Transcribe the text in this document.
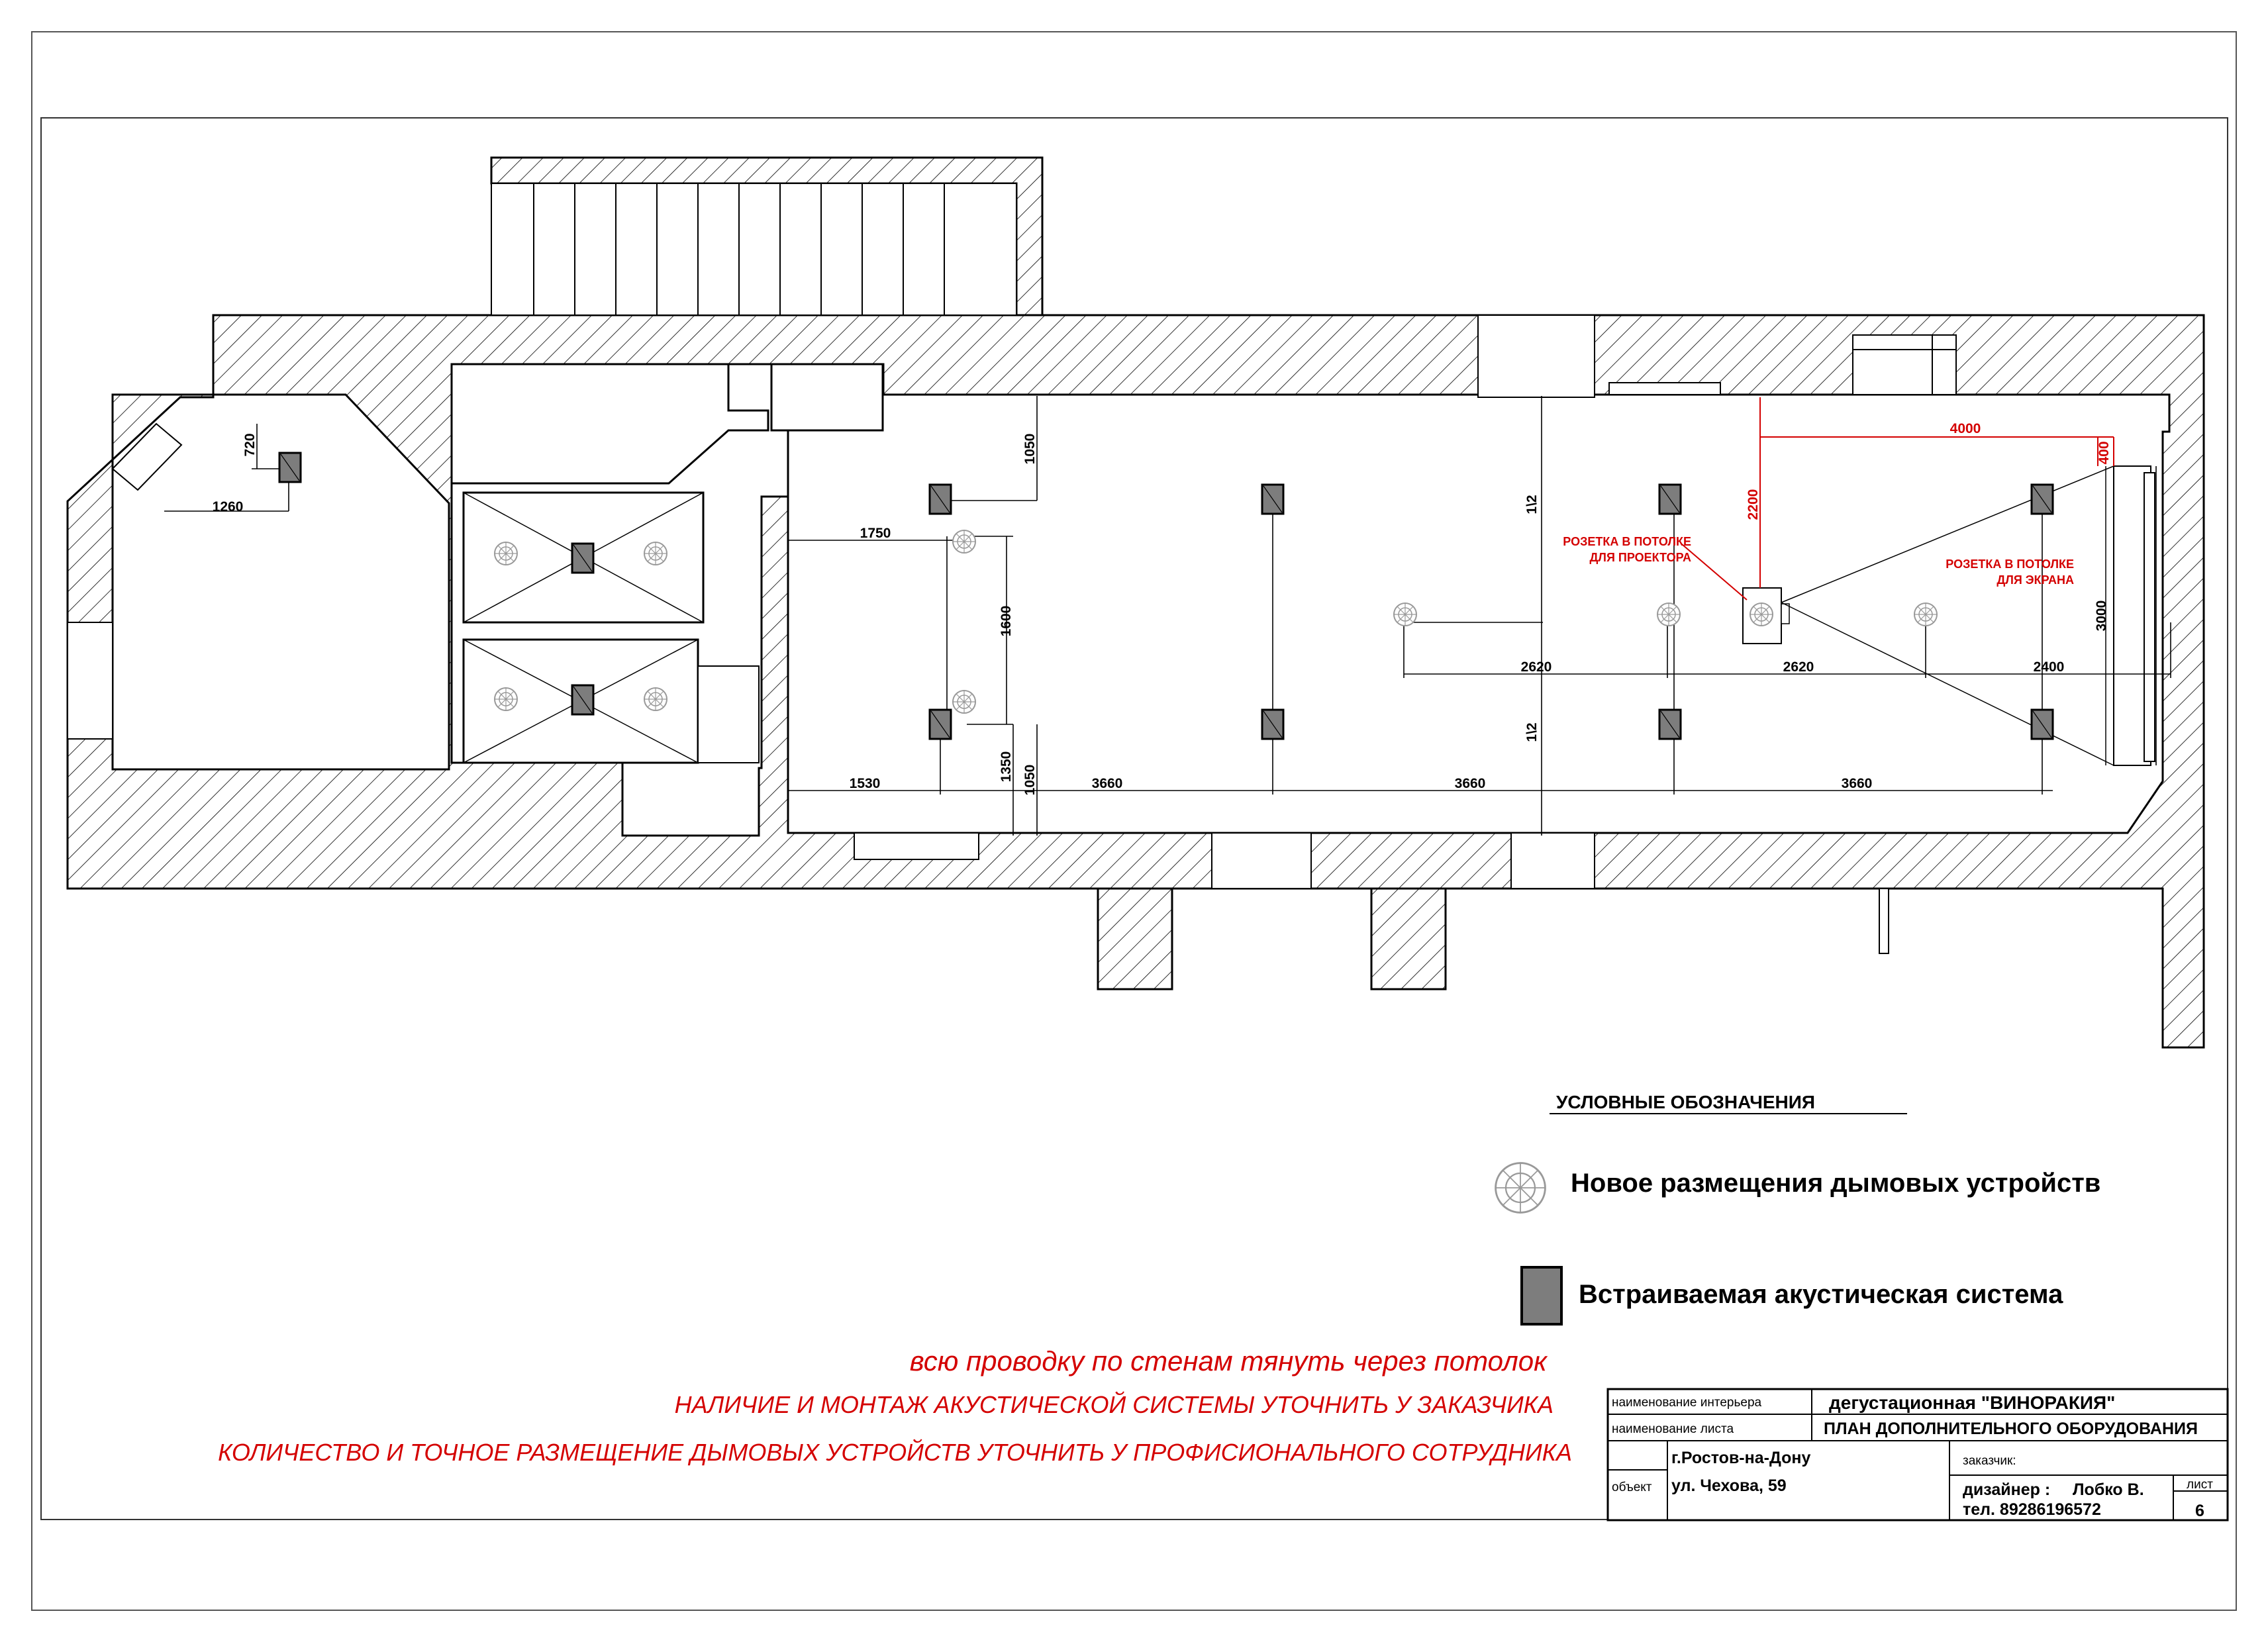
720
1260
1050
1750
1600
1350 1050
1530	3660	3660	3660
2620	2620	2400
3000
1\2
1\2
4000
2200
400
РОЗЕТКА В ПОТОЛКЕ
ДЛЯ ПРОЕКТОРА	РОЗЕТКА В ПОТОЛКЕ
ДЛЯ ЭКРАНА
УСЛОВНЫЕ ОБОЗНАЧЕНИЯ
Новое размещения дымовых устройств
Встраиваемая акустическая система
всю проводку по стенам тянуть через потолок
НАЛИЧИЕ И МОНТАЖ АКУСТИЧЕСКОЙ СИСТЕМЫ УТОЧНИТЬ У ЗАКАЗЧИКА
КОЛИЧЕСТВО И ТОЧНОЕ РАЗМЕЩЕНИЕ ДЫМОВЫХ УСТРОЙСТВ УТОЧНИТЬ У ПРОФИСИОНАЛЬНОГО СОТРУДНИКА
наименование интерьера	дегустационная "ВИНОРАКИЯ"
наименование листа	ПЛАН ДОПОЛНИТЕЛЬНОГО ОБОРУДОВАНИЯ
объект
г.Ростов-на-Дону
ул. Чехова, 59
заказчик:
дизайнер : Лобко В.
тел. 89286196572
лист
6
